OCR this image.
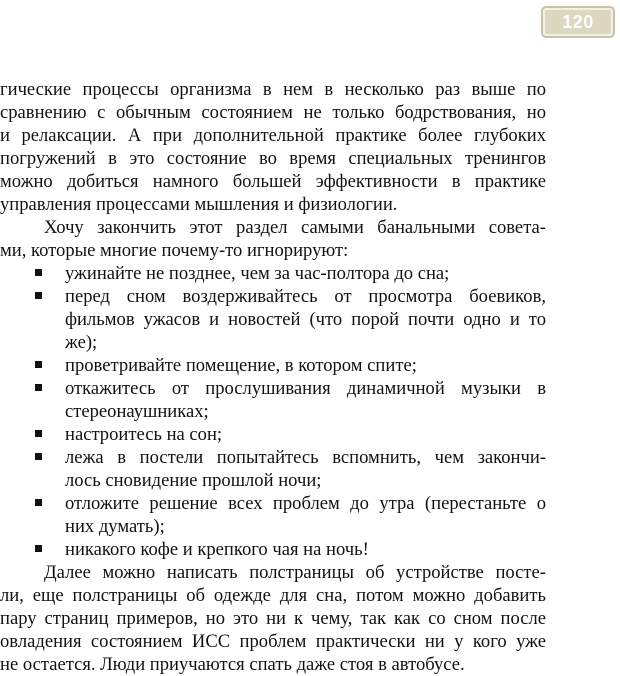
120
гические процессы организма в нем в несколько раз выше по
сравнению с обычным состоянием не только бодрствования, но
и релаксации. А при дополнительной практике более глубоких
погружений в это состояние во время специальных тренингов
можно добиться намного большей эффективности в практике
управления процессами мышления и физиологии.
Хочу закончить этот раздел самыми банальными совета-
ми, которые многие почему-то игнорируют:
ужинайте не позднее, чем за час-полтора до сна;
перед сном воздерживайтесь от просмотра боевиков,
фильмов ужасов и новостей (что порой почти одно и то
же);
проветривайте помещение, в котором спите;
откажитесь от прослушивания динамичной музыки в
стереонаушниках;
настроитесь на сон;
лежа в постели попытайтесь вспомнить, чем закончи-
лось сновидение прошлой ночи;
отложите решение всех проблем до утра (перестаньте о
них думать);
никакого кофе и крепкого чая на ночь!
Далее можно написать полстраницы об устройстве посте-
ли, еще полстраницы об одежде для сна, потом можно добавить
пару страниц примеров, но это ни к чему, так как со сном после
овладения состоянием ИСС проблем практически ни у кого уже
не остается. Люди приучаются спать даже стоя в автобусе.
